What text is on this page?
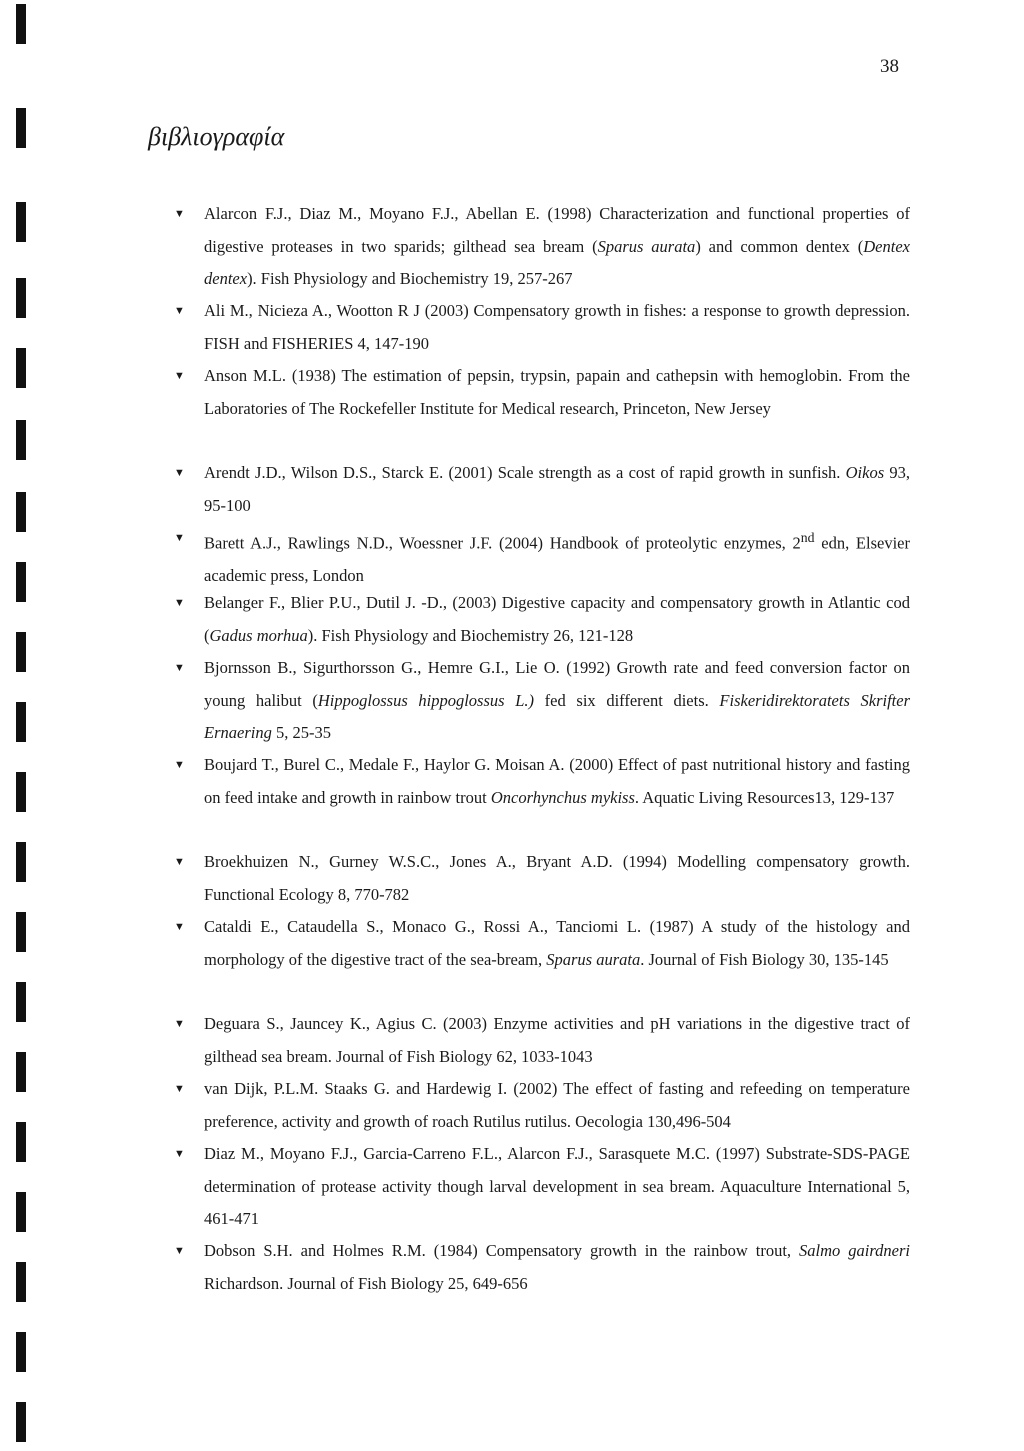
38
βιβλιογραφία
▼ Alarcon F.J., Diaz M., Moyano F.J., Abellan E. (1998) Characterization and functional properties of digestive proteases in two sparids; gilthead sea bream (Sparus aurata) and common dentex (Dentex dentex). Fish Physiology and Biochemistry 19, 257-267
▼ Ali M., Nicieza A., Wootton R J (2003) Compensatory growth in fishes: a response to growth depression. FISH and FISHERIES 4, 147-190
▼ Anson M.L. (1938) The estimation of pepsin, trypsin, papain and cathepsin with hemoglobin. From the Laboratories of The Rockefeller Institute for Medical research, Princeton, New Jersey
▼ Arendt J.D., Wilson D.S., Starck E. (2001) Scale strength as a cost of rapid growth in sunfish. Oikos 93, 95-100
▼ Barett A.J., Rawlings N.D., Woessner J.F. (2004) Handbook of proteolytic enzymes, 2nd edn, Elsevier academic press, London
▼ Belanger F., Blier P.U., Dutil J. -D., (2003) Digestive capacity and compensatory growth in Atlantic cod (Gadus morhua). Fish Physiology and Biochemistry 26, 121-128
▼ Bjornsson B., Sigurthorsson G., Hemre G.I., Lie O. (1992) Growth rate and feed conversion factor on young halibut (Hippoglossus hippoglossus L.) fed six different diets. Fiskeridirektoratets Skrifter Ernaering 5, 25-35
▼ Boujard T., Burel C., Medale F., Haylor G. Moisan A. (2000) Effect of past nutritional history and fasting on feed intake and growth in rainbow trout Oncorhynchus mykiss. Aquatic Living Resources13, 129-137
▼ Broekhuizen N., Gurney W.S.C., Jones A., Bryant A.D. (1994) Modelling compensatory growth. Functional Ecology 8, 770-782
▼ Cataldi E., Cataudella S., Monaco G., Rossi A., Tanciomi L. (1987) A study of the histology and morphology of the digestive tract of the sea-bream, Sparus aurata. Journal of Fish Biology 30, 135-145
▼ Deguara S., Jauncey K., Agius C. (2003) Enzyme activities and pH variations in the digestive tract of gilthead sea bream. Journal of Fish Biology 62, 1033-1043
▼ van Dijk, P.L.M. Staaks G. and Hardewig I. (2002) The effect of fasting and refeeding on temperature preference, activity and growth of roach Rutilus rutilus. Oecologia 130,496-504
▼ Diaz M., Moyano F.J., Garcia-Carreno F.L., Alarcon F.J., Sarasquete M.C. (1997) Substrate-SDS-PAGE determination of protease activity though larval development in sea bream. Aquaculture International 5, 461-471
▼ Dobson S.H. and Holmes R.M. (1984) Compensatory growth in the rainbow trout, Salmo gairdneri Richardson. Journal of Fish Biology 25, 649-656
